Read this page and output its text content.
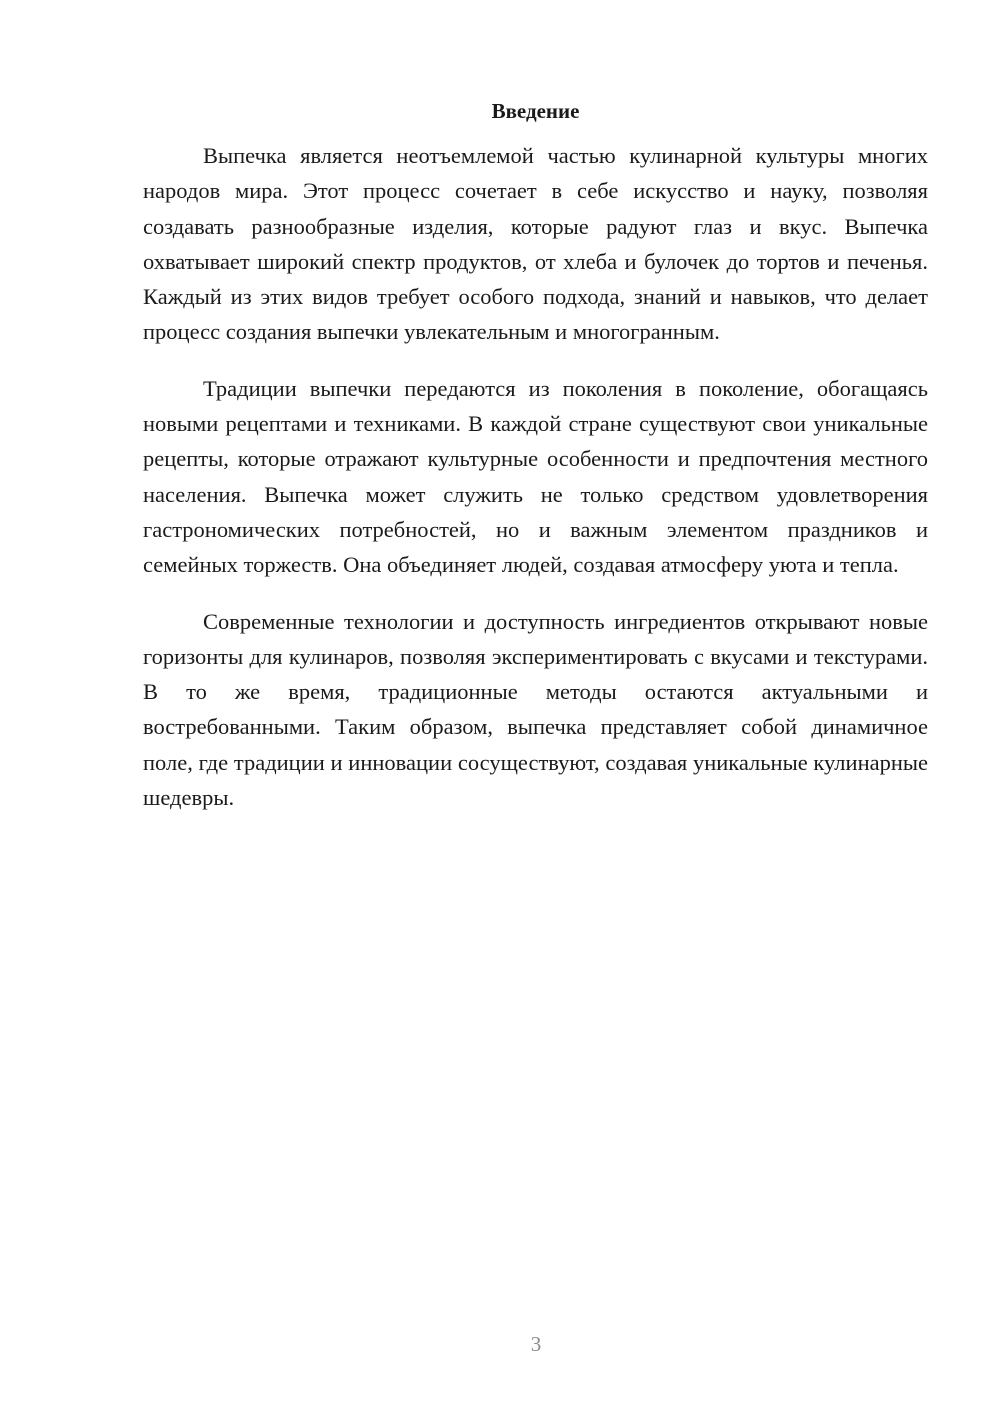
Введение

Выпечка является неотъемлемой частью кулинарной культуры многих народов мира. Этот процесс сочетает в себе искусство и науку, позволяя создавать разнообразные изделия, которые радуют глаз и вкус. Выпечка охватывает широкий спектр продуктов, от хлеба и булочек до тортов и печенья. Каждый из этих видов требует особого подхода, знаний и навыков, что делает процесс создания выпечки увлекательным и многогранным.

Традиции выпечки передаются из поколения в поколение, обогащаясь новыми рецептами и техниками. В каждой стране существуют свои уникальные рецепты, которые отражают культурные особенности и предпочтения местного населения. Выпечка может служить не только средством удовлетворения гастрономических потребностей, но и важным элементом праздников и семейных торжеств. Она объединяет людей, создавая атмосферу уюта и тепла.

Современные технологии и доступность ингредиентов открывают новые горизонты для кулинаров, позволяя экспериментировать с вкусами и текстурами. В то же время, традиционные методы остаются актуальными и востребованными. Таким образом, выпечка представляет собой динамичное поле, где традиции и инновации сосуществуют, создавая уникальные кулинарные шедевры.

3
